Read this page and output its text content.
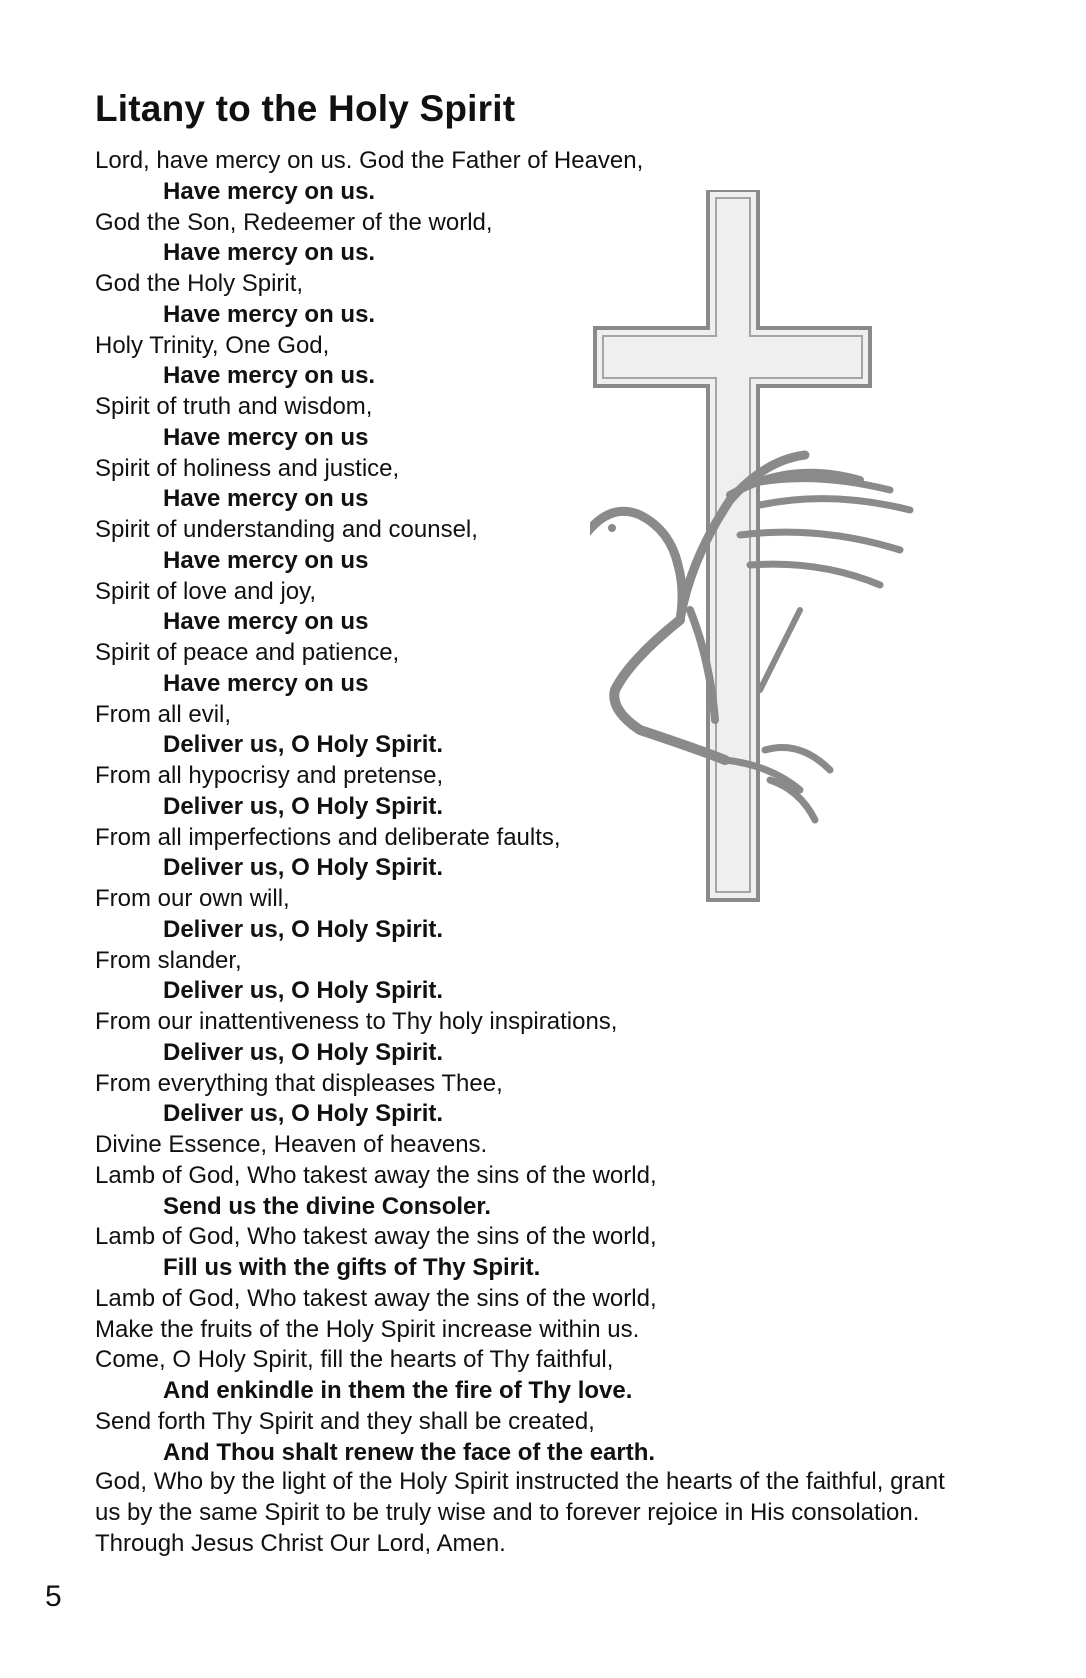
Litany to the Holy Spirit
Lord, have mercy on us. God the Father of Heaven,
Have mercy on us.
God the Son, Redeemer of the world,
Have mercy on us.
God the Holy Spirit,
Have mercy on us.
Holy Trinity, One God,
Have mercy on us.
Spirit of truth and wisdom,
Have mercy on us
Spirit of holiness and justice,
Have mercy on us
Spirit of understanding and counsel,
Have mercy on us
Spirit of love and joy,
Have mercy on us
Spirit of peace and patience,
Have mercy on us
From all evil,
Deliver us, O Holy Spirit.
From all hypocrisy and pretense,
Deliver us, O Holy Spirit.
From all imperfections and deliberate faults,
Deliver us, O Holy Spirit.
From our own will,
Deliver us, O Holy Spirit.
From slander,
Deliver us, O Holy Spirit.
From our inattentiveness to Thy holy inspirations,
Deliver us, O Holy Spirit.
From everything that displeases Thee,
Deliver us, O Holy Spirit.
Divine Essence, Heaven of heavens.
Lamb of God, Who takest away the sins of the world,
Send us the divine Consoler.
Lamb of God, Who takest away the sins of the world,
Fill us with the gifts of Thy Spirit.
Lamb of God, Who takest away the sins of the world,
Make the fruits of the Holy Spirit increase within us.
Come, O Holy Spirit, fill the hearts of Thy faithful,
And enkindle in them the fire of Thy love.
Send forth Thy Spirit and they shall be created,
And Thou shalt renew the face of the earth.

God, Who by the light of the Holy Spirit instructed the hearts of the faithful, grant us by the same Spirit to be truly wise and to forever rejoice in His consolation. Through Jesus Christ Our Lord, Amen.

5
